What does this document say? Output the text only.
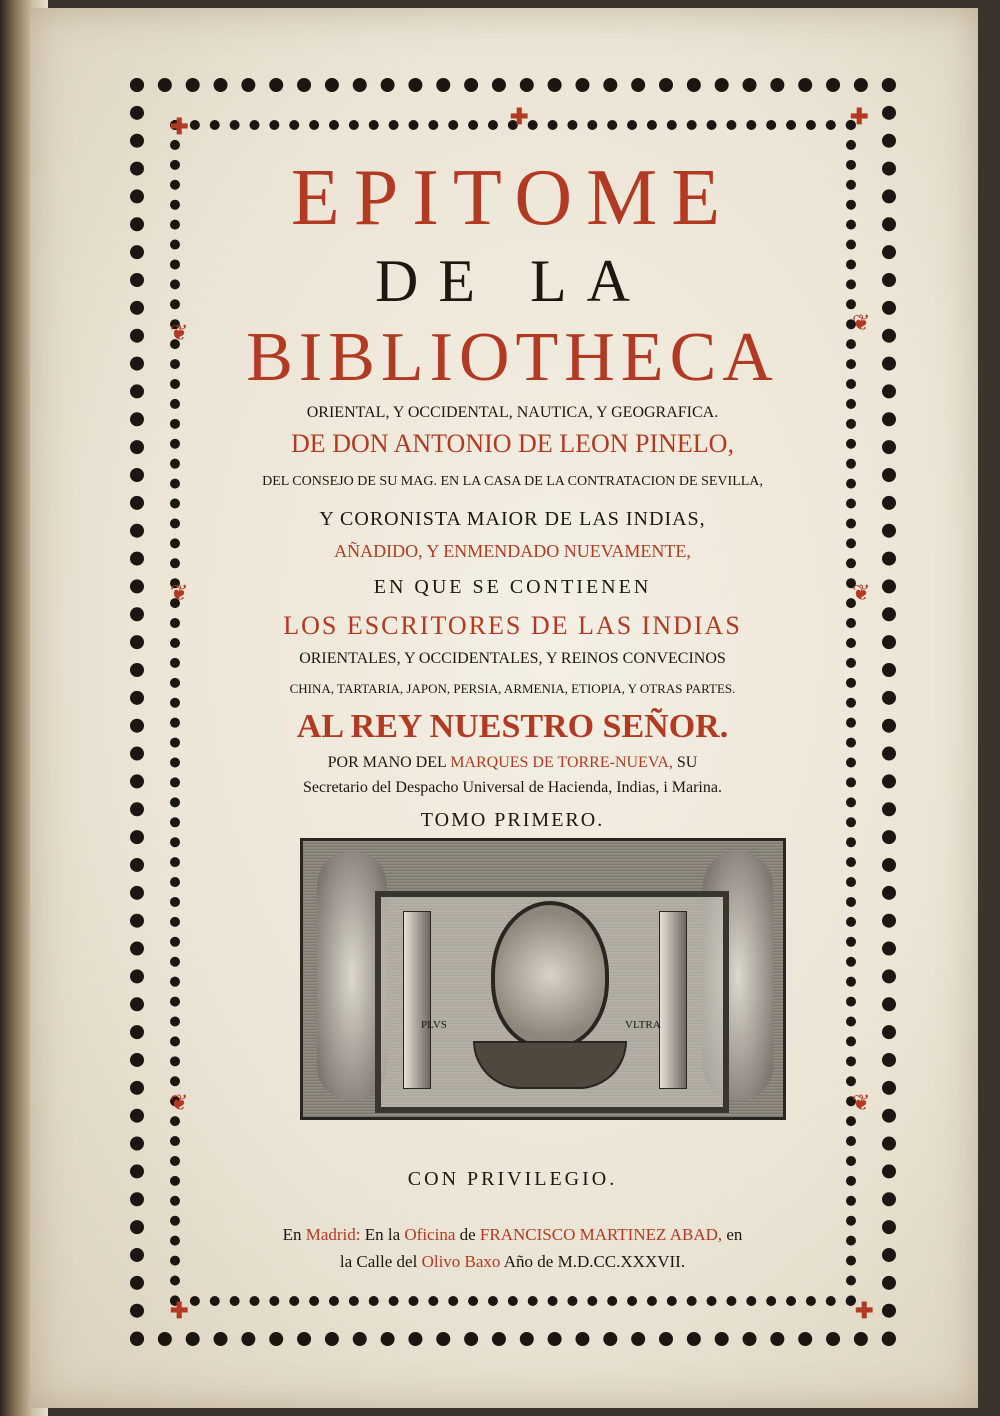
✚	✚	✚
✚	✚
❦
❦
❦
❦
❦
❦

EPITOME

DE LA

BIBLIOTHECA

ORIENTAL, Y OCCIDENTAL, NAUTICA, Y GEOGRAFICA.

DE DON ANTONIO DE LEON PINELO,

DEL CONSEJO DE SU MAG. EN LA CASA DE LA CONTRATACION DE SEVILLA,

Y CORONISTA MAIOR DE LAS INDIAS,

AÑADIDO, Y ENMENDADO NUEVAMENTE,

EN QUE SE CONTIENEN

LOS ESCRITORES DE LAS INDIAS

ORIENTALES, Y OCCIDENTALES, Y REINOS CONVECINOS

CHINA, TARTARIA, JAPON, PERSIA, ARMENIA, ETIOPIA, Y OTRAS PARTES.

AL REY NUESTRO SEÑOR.

POR MANO DEL MARQUES DE TORRE-NUEVA, SU

Secretario del Despacho Universal de Hacienda, Indias, i Marina.

TOMO PRIMERO.

PLVS	VLTRA

CON PRIVILEGIO.

En Madrid: En la Oficina de FRANCISCO MARTINEZ ABAD, en

la Calle del Olivo Baxo Año de M.D.CC.XXXVII.
